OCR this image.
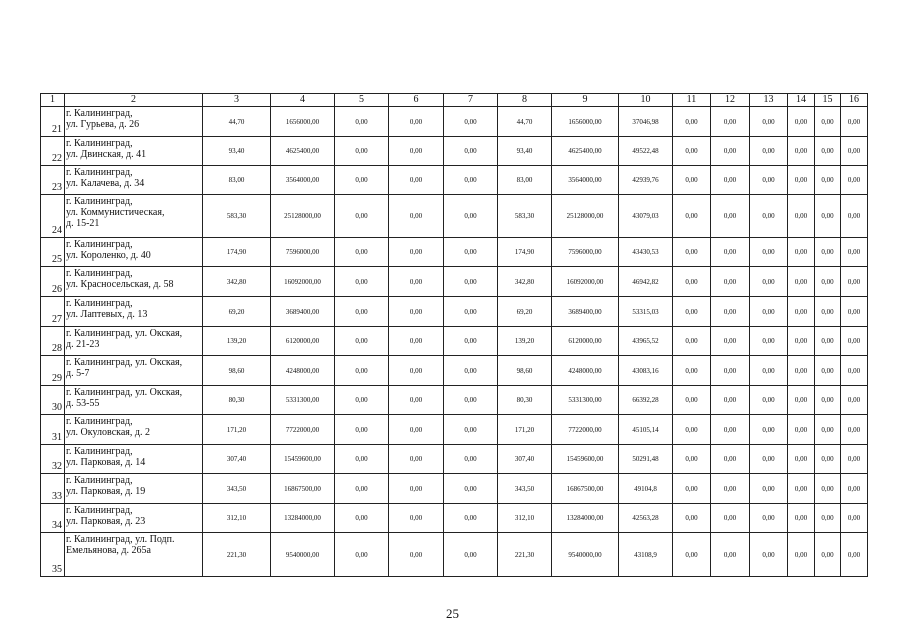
1	2	3	4	5	6	7	8	9	10	11	12	13	14	15	16
21	г. Калининград,
ул. Гурьева, д. 26	44,70	1656000,00	0,00	0,00	0,00	44,70	1656000,00	37046,98	0,00	0,00	0,00	0,00	0,00	0,00
22	г. Калининград,
ул. Двинская, д. 41	93,40	4625400,00	0,00	0,00	0,00	93,40	4625400,00	49522,48	0,00	0,00	0,00	0,00	0,00	0,00
23	г. Калининград,
ул. Калачева, д. 34	83,00	3564000,00	0,00	0,00	0,00	83,00	3564000,00	42939,76	0,00	0,00	0,00	0,00	0,00	0,00
24	г. Калининград,
ул. Коммунистическая,
д. 15-21	583,30	25128000,00	0,00	0,00	0,00	583,30	25128000,00	43079,03	0,00	0,00	0,00	0,00	0,00	0,00
25	г. Калининград,
ул. Короленко, д. 40	174,90	7596000,00	0,00	0,00	0,00	174,90	7596000,00	43430,53	0,00	0,00	0,00	0,00	0,00	0,00
26	г. Калининград,
ул. Красносельская, д. 58	342,80	16092000,00	0,00	0,00	0,00	342,80	16092000,00	46942,82	0,00	0,00	0,00	0,00	0,00	0,00
27	г. Калининград,
ул. Лаптевых, д. 13	69,20	3689400,00	0,00	0,00	0,00	69,20	3689400,00	53315,03	0,00	0,00	0,00	0,00	0,00	0,00
28	г. Калининград, ул. Окская,
д. 21-23	139,20	6120000,00	0,00	0,00	0,00	139,20	6120000,00	43965,52	0,00	0,00	0,00	0,00	0,00	0,00
29	г. Калининград, ул. Окская,
д. 5-7	98,60	4248000,00	0,00	0,00	0,00	98,60	4248000,00	43083,16	0,00	0,00	0,00	0,00	0,00	0,00
30	г. Калининград, ул. Окская,
д. 53-55	80,30	5331300,00	0,00	0,00	0,00	80,30	5331300,00	66392,28	0,00	0,00	0,00	0,00	0,00	0,00
31	г. Калининград,
ул. Окуловская, д. 2	171,20	7722000,00	0,00	0,00	0,00	171,20	7722000,00	45105,14	0,00	0,00	0,00	0,00	0,00	0,00
32	г. Калининград,
ул. Парковая, д. 14	307,40	15459600,00	0,00	0,00	0,00	307,40	15459600,00	50291,48	0,00	0,00	0,00	0,00	0,00	0,00
33	г. Калининград,
ул. Парковая, д. 19	343,50	16867500,00	0,00	0,00	0,00	343,50	16867500,00	49104,8	0,00	0,00	0,00	0,00	0,00	0,00
34	г. Калининград,
ул. Парковая, д. 23	312,10	13284000,00	0,00	0,00	0,00	312,10	13284000,00	42563,28	0,00	0,00	0,00	0,00	0,00	0,00
35	г. Калининград, ул. Подп.
Емельянова, д. 265а	221,30	9540000,00	0,00	0,00	0,00	221,30	9540000,00	43108,9	0,00	0,00	0,00	0,00	0,00	0,00
25
